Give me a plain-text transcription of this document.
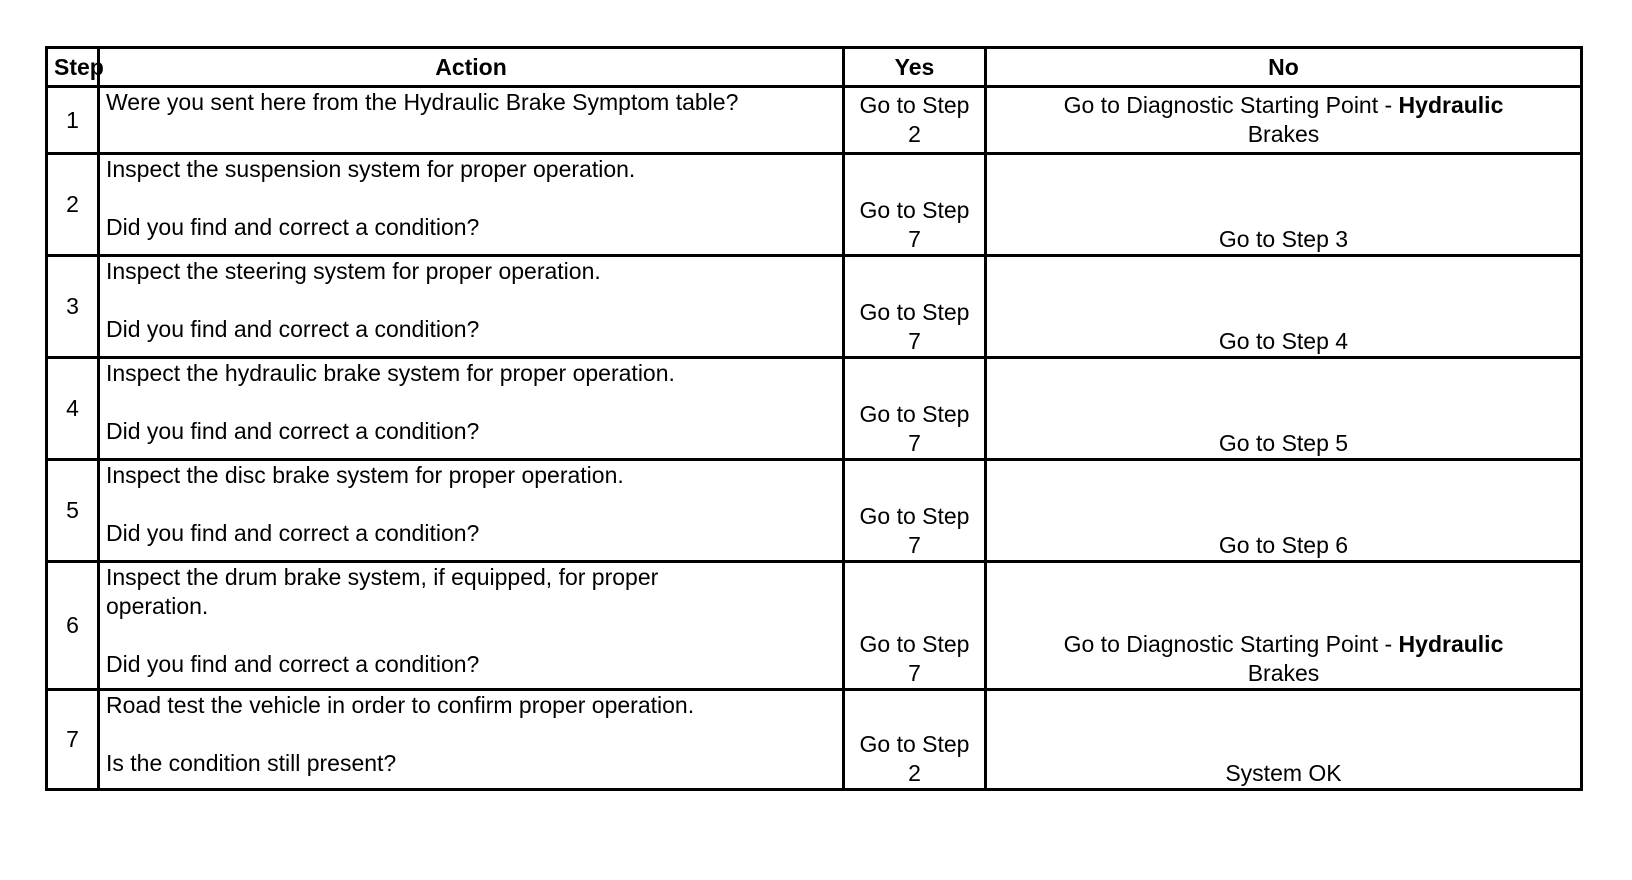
Step	Action	Yes	No
1	Were you sent here from the Hydraulic Brake Symptom table?	Go to Step 2	Go to Diagnostic Starting Point - Hydraulic
Brakes
2	Inspect the suspension system for proper operation.
Did you find and correct a condition?	Go to Step 7	Go to Step 3
3	Inspect the steering system for proper operation.
Did you find and correct a condition?	Go to Step 7	Go to Step 4
4	Inspect the hydraulic brake system for proper operation.
Did you find and correct a condition?	Go to Step 7	Go to Step 5
5	Inspect the disc brake system for proper operation.
Did you find and correct a condition?	Go to Step 7	Go to Step 6
6	Inspect the drum brake system, if equipped, for proper operation.
Did you find and correct a condition?	Go to Step 7	Go to Diagnostic Starting Point - Hydraulic
Brakes
7	Road test the vehicle in order to confirm proper operation.
Is the condition still present?	Go to Step 2	System OK
